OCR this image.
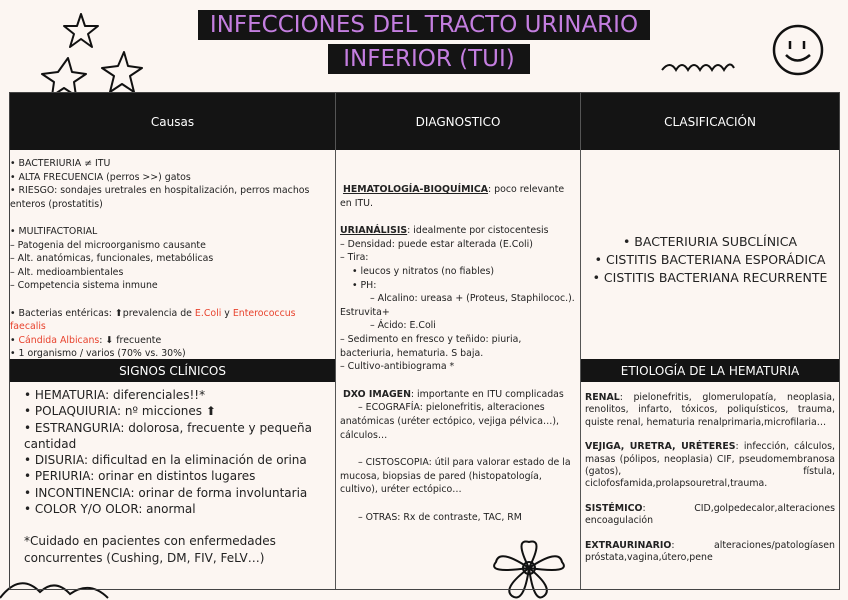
INFECCIONES DEL TRACTO URINARIO
INFERIOR (TUI)
Causas	DIAGNOSTICO	CLASIFICACIÓN

• BACTERIURIA ≠ ITU

• ALTA FRECUENCIA (perros >>) gatos

• RIESGO: sondajes uretrales en hospitalización, perros machos enteros (prostatitis)

• MULTIFACTORIAL

– Patogenia del microorganismo causante

– Alt. anatómicas, funcionales, metabólicas

– Alt. medioambientales

– Competencia sistema inmune

• Bacterias entéricas: ⬆prevalencia de E.Coli y Enterococcus faecalis

• Cándida Albicans: ⬇ frecuente

• 1 organismo / varios (70% vs. 30%)

SIGNOS CLÍNICOS

• HEMATURIA: diferenciales!!*

• POLAQUIURIA: nº micciones ⬆

• ESTRANGURIA: dolorosa, frecuente y pequeña cantidad

• DISURIA: dificultad en la eliminación de orina

• PERIURIA: orinar en distintos lugares

• INCONTINENCIA: orinar de forma involuntaria

• COLOR Y/O OLOR: anormal

*Cuidado en pacientes con enfermedades concurrentes (Cushing, DM, FIV, FeLV…)

HEMATOLOGÍA-BIOQUÍMICA: poco relevante en ITU.

URIANÁLISIS: idealmente por cistocentesis

– Densidad: puede estar alterada (E.Coli)

– Tira:

• leucos y nitratos (no fiables)

• PH:

– Alcalino: ureasa + (Proteus, Staphilococ.). Estruvita+

– Ácido: E.Coli

– Sedimento en fresco y teñido: piuria, bacteriuria, hematuria. S baja.

– Cultivo-antibiograma *

DXO IMAGEN: importante en ITU complicadas

– ECOGRAFÍA: pielonefritis, alteraciones anatómicas (uréter ectópico, vejiga pélvica…), cálculos…

– CISTOSCOPIA: útil para valorar estado de la mucosa, biopsias de pared (histopatología, cultivo), uréter ectópico…

– OTRAS: Rx de contraste, TAC, RM

• BACTERIURIA SUBCLÍNICA

• CISTITIS BACTERIANA ESPORÁDICA

• CISTITIS BACTERIANA RECURRENTE

ETIOLOGÍA DE LA HEMATURIA

RENAL: pielonefritis, glomerulopatía, neoplasia, renolitos, infarto, tóxicos, poliquísticos, trauma, quiste renal, hematuria renalprimaria,microfilaria…

VEJIGA, URETRA, URÉTERES: infección, cálculos, masas (pólipos, neoplasia) CIF, pseudomembranosa (gatos), fístula, ciclofosfamida,prolapsouretral,trauma.

SISTÉMICO: CID,golpedecalor,alteraciones encoagulación

EXTRAURINARIO: alteraciones/patologíasen próstata,vagina,útero,pene
